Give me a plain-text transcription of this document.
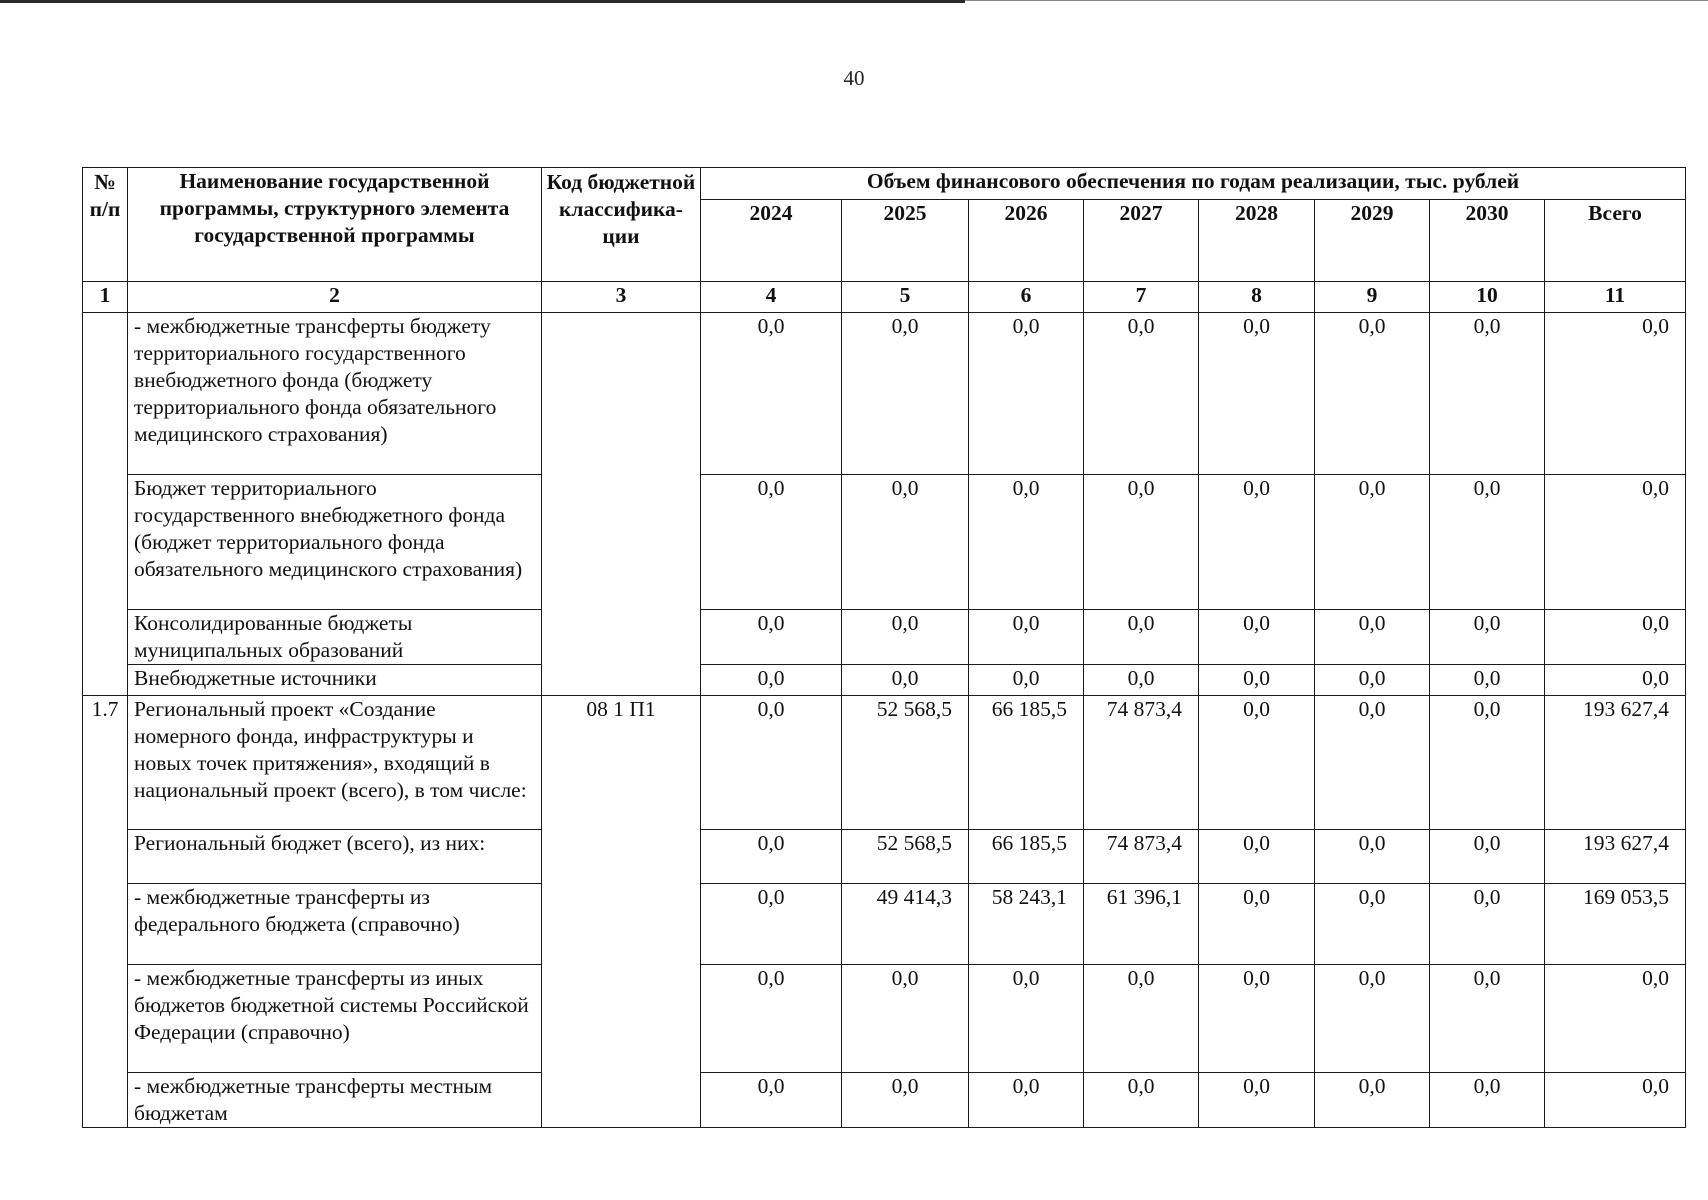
40
№ п/п	Наименование государственной программы, структурного элемента государственной программы	Код бюджетной классифика-ции	Объем финансового обеспечения по годам реализации, тыс. рублей							
			2024	2025	2026	2027	2028	2029	2030	Всего
1	2	3	4	5	6	7	8	9	10	11
	- межбюджетные трансферты бюджету территориального государственного внебюджетного фонда (бюджету территориального фонда обязательного медицинского страхования)		0,0	0,0	0,0	0,0	0,0	0,0	0,0	0,0
	Бюджет территориального государственного внебюджетного фонда (бюджет территориального фонда обязательного медицинского страхования)		0,0	0,0	0,0	0,0	0,0	0,0	0,0	0,0
	Консолидированные бюджеты муниципальных образований		0,0	0,0	0,0	0,0	0,0	0,0	0,0	0,0
	Внебюджетные источники		0,0	0,0	0,0	0,0	0,0	0,0	0,0	0,0
1.7	Региональный проект «Создание номерного фонда, инфраструктуры и новых точек притяжения», входящий в национальный проект (всего), в том числе:	08 1 П1	0,0	52 568,5	66 185,5	74 873,4	0,0	0,0	0,0	193 627,4
	Региональный бюджет (всего), из них:		0,0	52 568,5	66 185,5	74 873,4	0,0	0,0	0,0	193 627,4
	- межбюджетные трансферты из федерального бюджета (справочно)		0,0	49 414,3	58 243,1	61 396,1	0,0	0,0	0,0	169 053,5
	- межбюджетные трансферты из иных бюджетов бюджетной системы Российской Федерации (справочно)		0,0	0,0	0,0	0,0	0,0	0,0	0,0	0,0
	- межбюджетные трансферты местным бюджетам		0,0	0,0	0,0	0,0	0,0	0,0	0,0	0,0
